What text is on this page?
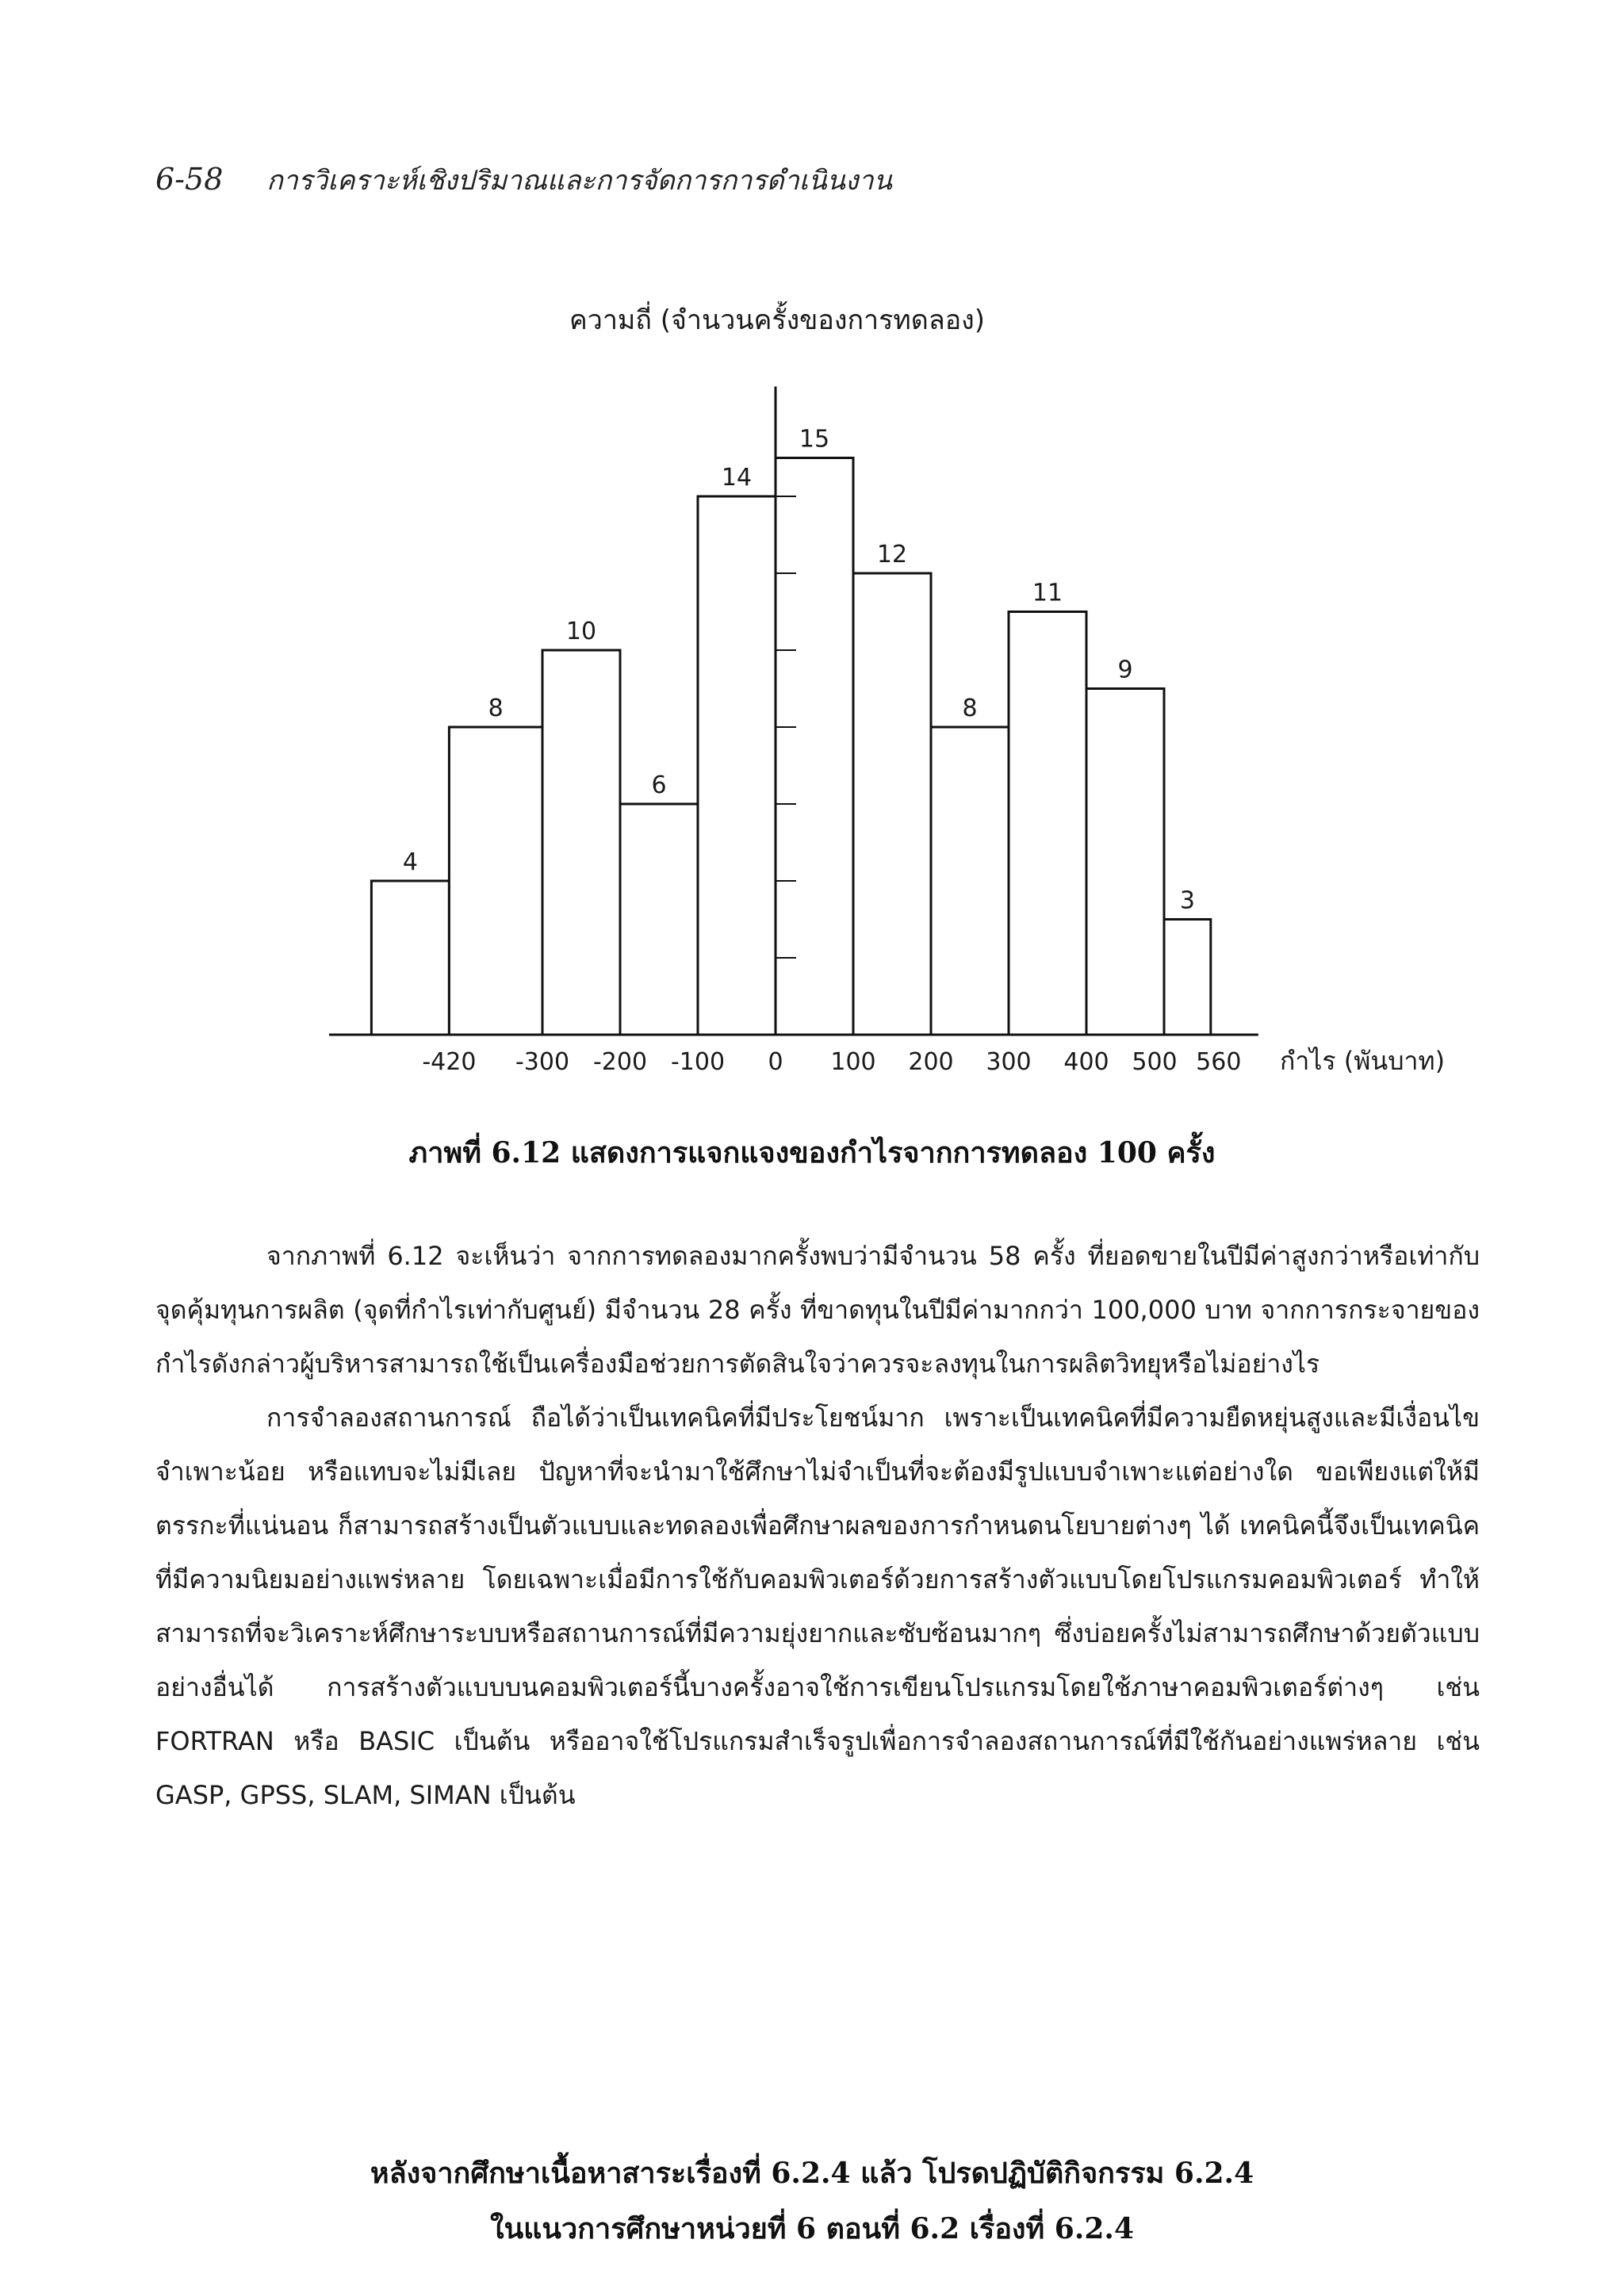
6-58 การวิเคราะห์เชิงปริมาณและการจัดการการดำเนินงาน
ความถี่ (จำนวนครั้งของการทดลอง)
กำไร (พันบาท)
-420 -300 -200 -100 0 100 200 300 400 500 560
4
8
10
6
14
15
12
8
11
9
3
ภาพที่ 6.12 แสดงการแจกแจงของกำไรจากการทดลอง 100 ครั้ง

จากภาพที่ 6.12 จะเห็นว่า จากการทดลองมากครั้งพบว่ามีจำนวน 58 ครั้ง ที่ยอดขายในปีมีค่าสูงกว่าหรือเท่ากับจุดคุ้มทุนการผลิต (จุดที่กำไรเท่ากับศูนย์) มีจำนวน 28 ครั้ง ที่ขาดทุนในปีมีค่ามากกว่า 100,000 บาท จากการกระจายของกำไรดังกล่าวผู้บริหารสามารถใช้เป็นเครื่องมือช่วยการตัดสินใจว่าควรจะลงทุนในการผลิตวิทยุหรือไม่อย่างไร

การจำลองสถานการณ์ ถือได้ว่าเป็นเทคนิคที่มีประโยชน์มาก เพราะเป็นเทคนิคที่มีความยืดหยุ่นสูงและมีเงื่อนไขจำเพาะน้อย หรือแทบจะไม่มีเลย ปัญหาที่จะนำมาใช้ศึกษาไม่จำเป็นที่จะต้องมีรูปแบบจำเพาะแต่อย่างใด ขอเพียงแต่ให้มีตรรกะที่แน่นอน ก็สามารถสร้างเป็นตัวแบบและทดลองเพื่อศึกษาผลของการกำหนดนโยบายต่างๆ ได้ เทคนิคนี้จึงเป็นเทคนิคที่มีความนิยมอย่างแพร่หลาย โดยเฉพาะเมื่อมีการใช้กับคอมพิวเตอร์ด้วยการสร้างตัวแบบโดยโปรแกรมคอมพิวเตอร์ ทำให้สามารถที่จะวิเคราะห์ศึกษาระบบหรือสถานการณ์ที่มีความยุ่งยากและซับซ้อนมากๆ ซึ่งบ่อยครั้งไม่สามารถศึกษาด้วยตัวแบบอย่างอื่นได้ การสร้างตัวแบบบนคอมพิวเตอร์นี้บางครั้งอาจใช้การเขียนโปรแกรมโดยใช้ภาษาคอมพิวเตอร์ต่างๆ เช่น FORTRAN หรือ BASIC เป็นต้น หรืออาจใช้โปรแกรมสำเร็จรูปเพื่อการจำลองสถานการณ์ที่มีใช้กันอย่างแพร่หลาย เช่น GASP, GPSS, SLAM, SIMAN เป็นต้น

หลังจากศึกษาเนื้อหาสาระเรื่องที่ 6.2.4 แล้ว โปรดปฏิบัติกิจกรรม 6.2.4
ในแนวการศึกษาหน่วยที่ 6 ตอนที่ 6.2 เรื่องที่ 6.2.4
